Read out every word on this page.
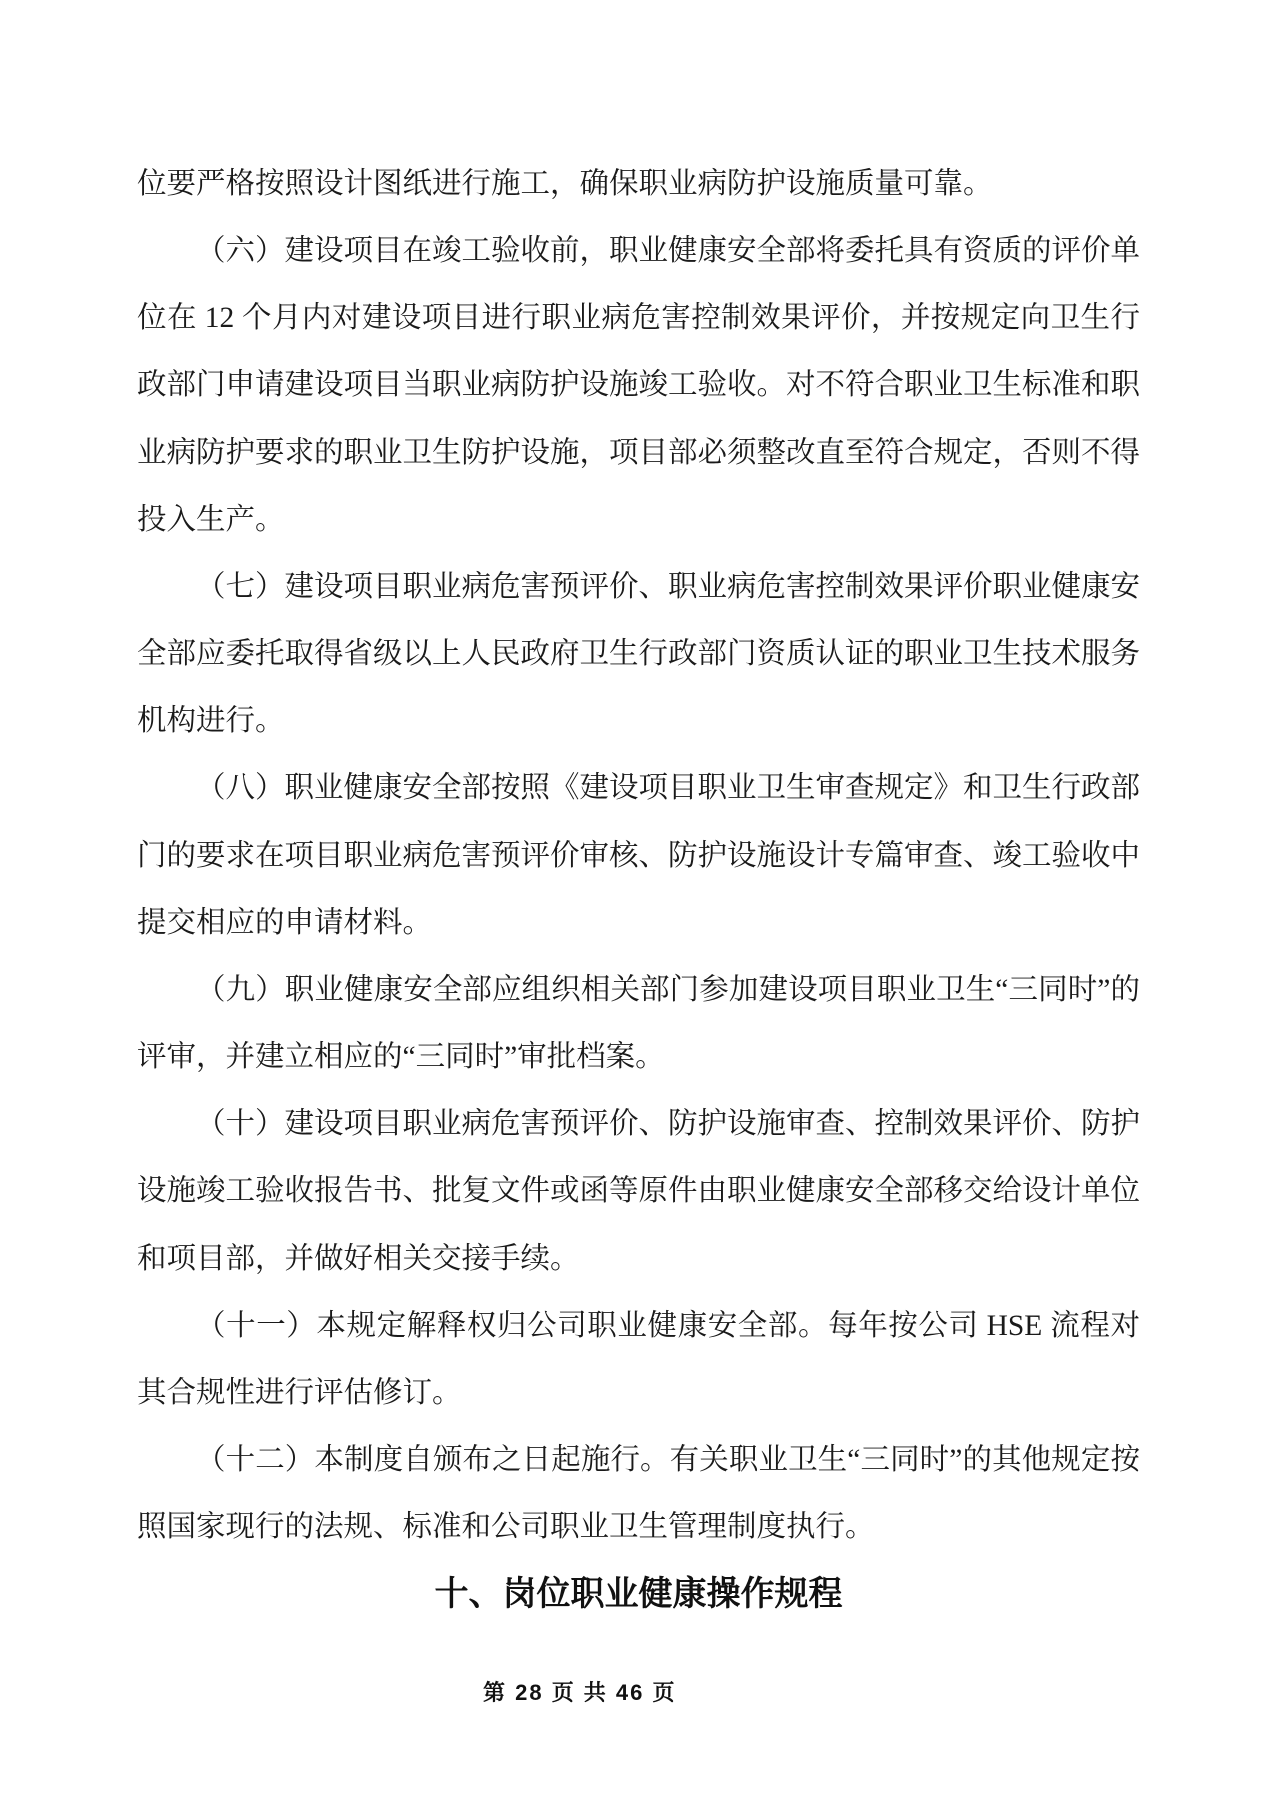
位要严格按照设计图纸进行施工，确保职业病防护设施质量可靠。

（六）建设项目在竣工验收前，职业健康安全部将委托具有资质的评价单位在 12 个月内对建设项目进行职业病危害控制效果评价，并按规定向卫生行政部门申请建设项目当职业病防护设施竣工验收。对不符合职业卫生标准和职业病防护要求的职业卫生防护设施，项目部必须整改直至符合规定，否则不得投入生产。

（七）建设项目职业病危害预评价、职业病危害控制效果评价职业健康安全部应委托取得省级以上人民政府卫生行政部门资质认证的职业卫生技术服务机构进行。

（八）职业健康安全部按照《建设项目职业卫生审查规定》和卫生行政部门的要求在项目职业病危害预评价审核、防护设施设计专篇审查、竣工验收中提交相应的申请材料。

（九）职业健康安全部应组织相关部门参加建设项目职业卫生“三同时”的评审，并建立相应的“三同时”审批档案。

（十）建设项目职业病危害预评价、防护设施审查、控制效果评价、防护设施竣工验收报告书、批复文件或函等原件由职业健康安全部移交给设计单位和项目部，并做好相关交接手续。

（十一）本规定解释权归公司职业健康安全部。每年按公司 HSE 流程对其合规性进行评估修订。

（十二）本制度自颁布之日起施行。有关职业卫生“三同时”的其他规定按照国家现行的法规、标准和公司职业卫生管理制度执行。

十、岗位职业健康操作规程
第 28 页 共 46 页
